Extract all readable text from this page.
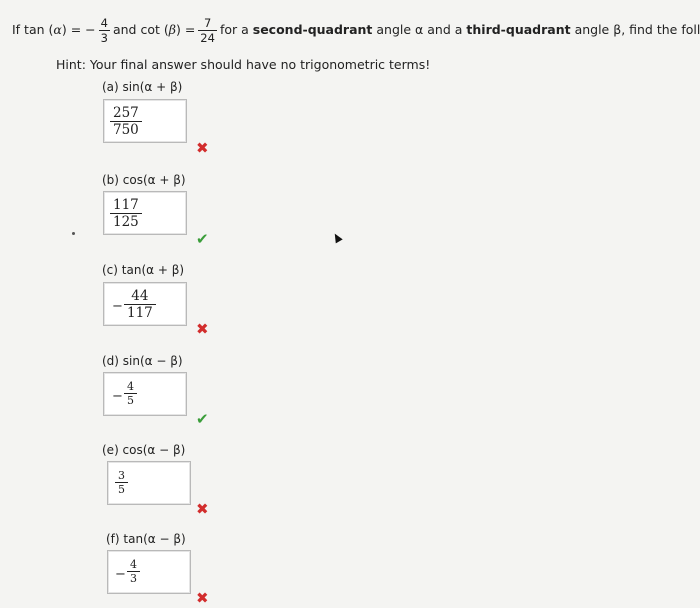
If tan ( α ) = − $\frac{4}{3}$ and cot ( β ) = $\frac{7}{24}$ for a
second-quadrant
angle α and a
third-quadrant
angle β, find the foll
Hint: Your final answer should have no trigonometric terms!
(a) sin(α + β)
$\frac{257}{750}$
✖
(b) cos(α + β)
$\frac{117}{125}$
✔
(c) tan(α + β)
− $\frac{44}{117}$
✖
(d) sin(α − β)
− $\frac{4}{5}$
✔
(e) cos(α − β)
$\frac{3}{5}$
✖
(f) tan(α − β)
− $\frac{4}{3}$
✖
